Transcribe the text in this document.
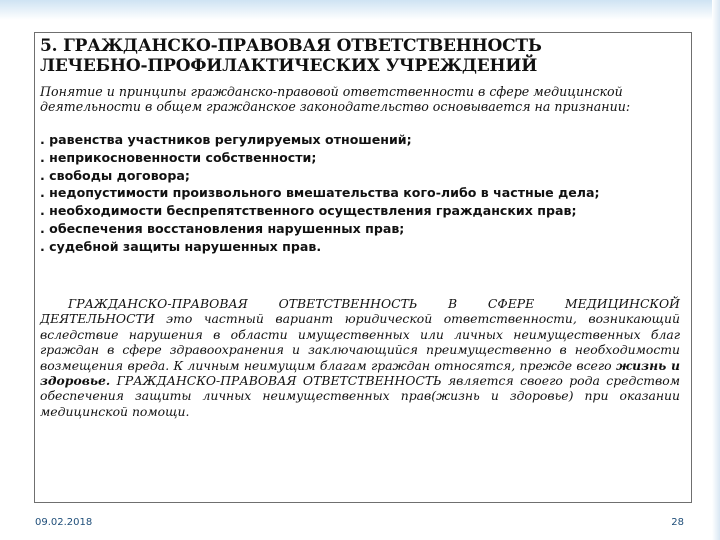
5. ГРАЖДАНСКО-ПРАВОВАЯ ОТВЕТСТВЕННОСТЬ
ЛЕЧЕБНО-ПРОФИЛАКТИЧЕСКИХ УЧРЕЖДЕНИЙ

Понятие и принципы гражданско-правовой ответственности в сфере медицинской деятельности в общем гражданское законодательство основывается на признании:

. равенства участников регулируемых отношений;
. неприкосновенности собственности;
. свободы договора;
. недопустимости произвольного вмешательства кого-либо в частные дела;
. необходимости беспрепятственного осуществления гражданских прав;
. обеспечения восстановления нарушенных прав;
. судебной защиты нарушенных прав.

ГРАЖДАНСКО-ПРАВОВАЯ ОТВЕТСТВЕННОСТЬ В СФЕРЕ МЕДИЦИНСКОЙ ДЕЯТЕЛЬНОСТИ это частный вариант юридической ответственности, возникающий вследствие нарушения в области имущественных или личных неимущественных благ граждан в сфере здравоохранения и заключающийся преимущественно в необходимости возмещения вреда. К личным неимущим благам граждан относятся, прежде всего жизнь и здоровье. ГРАЖДАНСКО-ПРАВОВАЯ ОТВЕТСТВЕННОСТЬ является своего рода средством обеспечения защиты личных неимущественных прав(жизнь и здоровье) при оказании медицинской помощи.

09.02.2018	28
